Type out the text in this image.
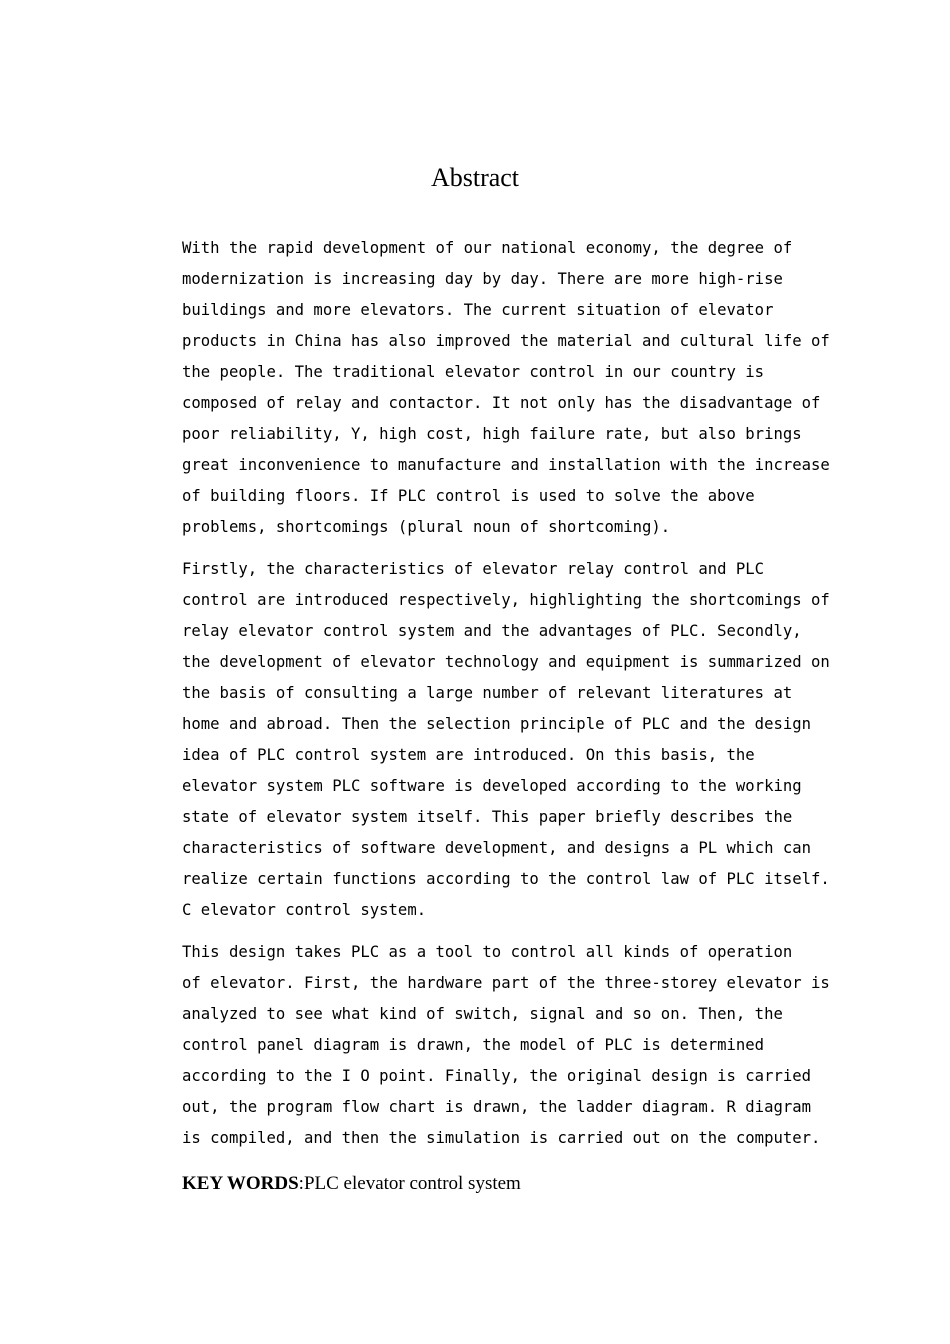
Abstract

With the rapid development of our national economy, the degree of
modernization is increasing day by day. There are more high-rise
buildings and more elevators. The current situation of elevator
products in China has also improved the material and cultural life of
the people. The traditional elevator control in our country is
composed of relay and contactor. It not only has the disadvantage of
poor reliability, Y, high cost, high failure rate, but also brings
great inconvenience to manufacture and installation with the increase
of building floors. If PLC control is used to solve the above
problems, shortcomings (plural noun of shortcoming).

Firstly, the characteristics of elevator relay control and PLC
control are introduced respectively, highlighting the shortcomings of
relay elevator control system and the advantages of PLC. Secondly,
the development of elevator technology and equipment is summarized on
the basis of consulting a large number of relevant literatures at
home and abroad. Then the selection principle of PLC and the design
idea of PLC control system are introduced. On this basis, the
elevator system PLC software is developed according to the working
state of elevator system itself. This paper briefly describes the
characteristics of software development, and designs a PL which can
realize certain functions according to the control law of PLC itself.
C elevator control system.

This design takes PLC as a tool to control all kinds of operation
of elevator. First, the hardware part of the three-storey elevator is
analyzed to see what kind of switch, signal and so on. Then, the
control panel diagram is drawn, the model of PLC is determined
according to the I O point. Finally, the original design is carried
out, the program flow chart is drawn, the ladder diagram. R diagram
is compiled, and then the simulation is carried out on the computer.

KEY WORDS:PLC elevator control system
